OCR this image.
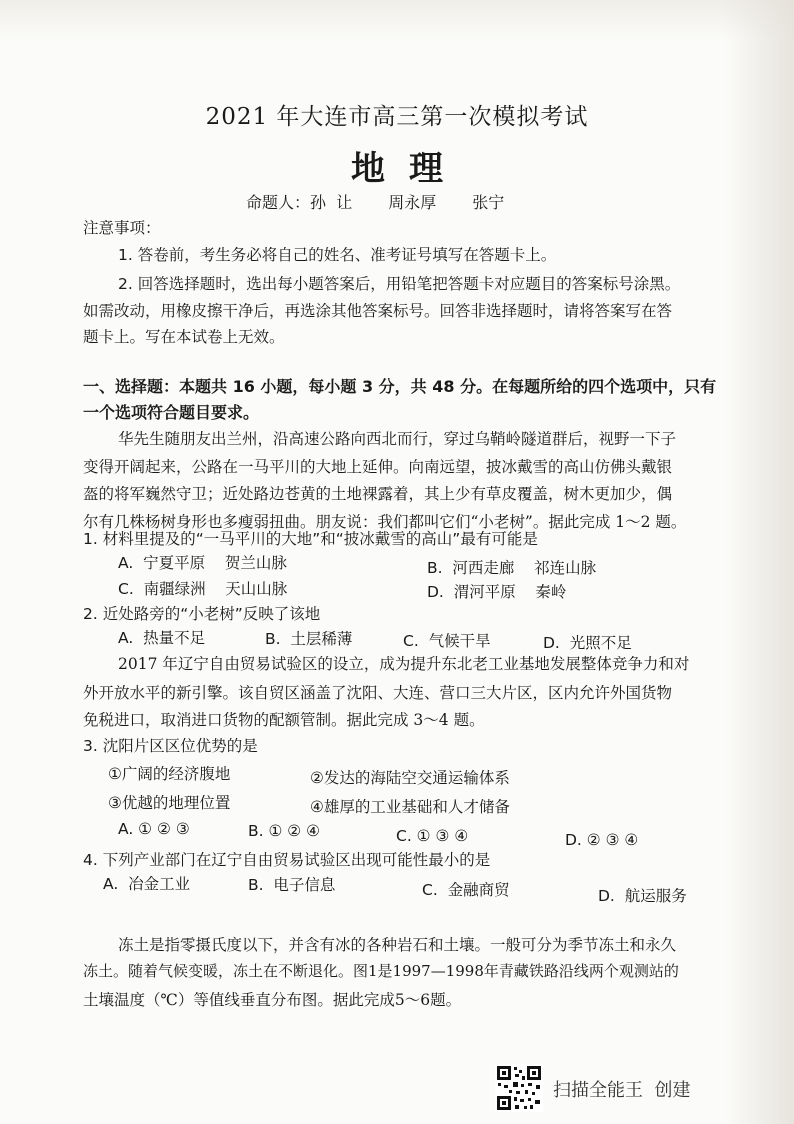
2021 年大连市高三第一次模拟考试
地理
命题人：孙  让 周永厚 张宁
注意事项：
1. 答卷前，考生务必将自己的姓名、准考证号填写在答题卡上。
2. 回答选择题时，选出每小题答案后，用铅笔把答题卡对应题目的答案标号涂黑。
如需改动，用橡皮擦干净后，再选涂其他答案标号。回答非选择题时，请将答案写在答
题卡上。写在本试卷上无效。
一、选择题：本题共 16 小题，每小题 3 分，共 48 分。在每题所给的四个选项中，只有
一个选项符合题目要求。
华先生随朋友出兰州，沿高速公路向西北而行，穿过乌鞘岭隧道群后，视野一下子
变得开阔起来，公路在一马平川的大地上延伸。向南远望，披冰戴雪的高山仿佛头戴银
盔的将军巍然守卫；近处路边苍黄的土地裸露着，其上少有草皮覆盖，树木更加少，偶
尔有几株杨树身形也多瘦弱扭曲。朋友说：我们都叫它们“小老树”。据此完成 1～2 题。
1. 材料里提及的“一马平川的大地”和“披冰戴雪的高山”最有可能是
A.  宁夏平原    贺兰山脉	B.  河西走廊    祁连山脉
C.  南疆绿洲    天山山脉	D.  渭河平原    秦岭
2. 近处路旁的“小老树”反映了该地
A.  热量不足	B.  土层稀薄	C.  气候干旱	D.  光照不足
2017 年辽宁自由贸易试验区的设立，成为提升东北老工业基地发展整体竞争力和对
外开放水平的新引擎。该自贸区涵盖了沈阳、大连、营口三大片区，区内允许外国货物
免税进口，取消进口货物的配额管制。据此完成 3～4 题。
3. 沈阳片区区位优势的是
①广阔的经济腹地	②发达的海陆空交通运输体系
③优越的地理位置	④雄厚的工业基础和人才储备
A. ① ② ③	B. ① ② ④	C. ① ③ ④	D. ② ③ ④
4. 下列产业部门在辽宁自由贸易试验区出现可能性最小的是
A.  冶金工业	B.  电子信息	C.  金融商贸	D.  航运服务
冻土是指零摄氏度以下，并含有冰的各种岩石和土壤。一般可分为季节冻土和永久
冻土。随着气候变暖，冻土在不断退化。图1是1997—1998年青藏铁路沿线两个观测站的
土壤温度（℃）等值线垂直分布图。据此完成5～6题。
扫描全能王  创建
